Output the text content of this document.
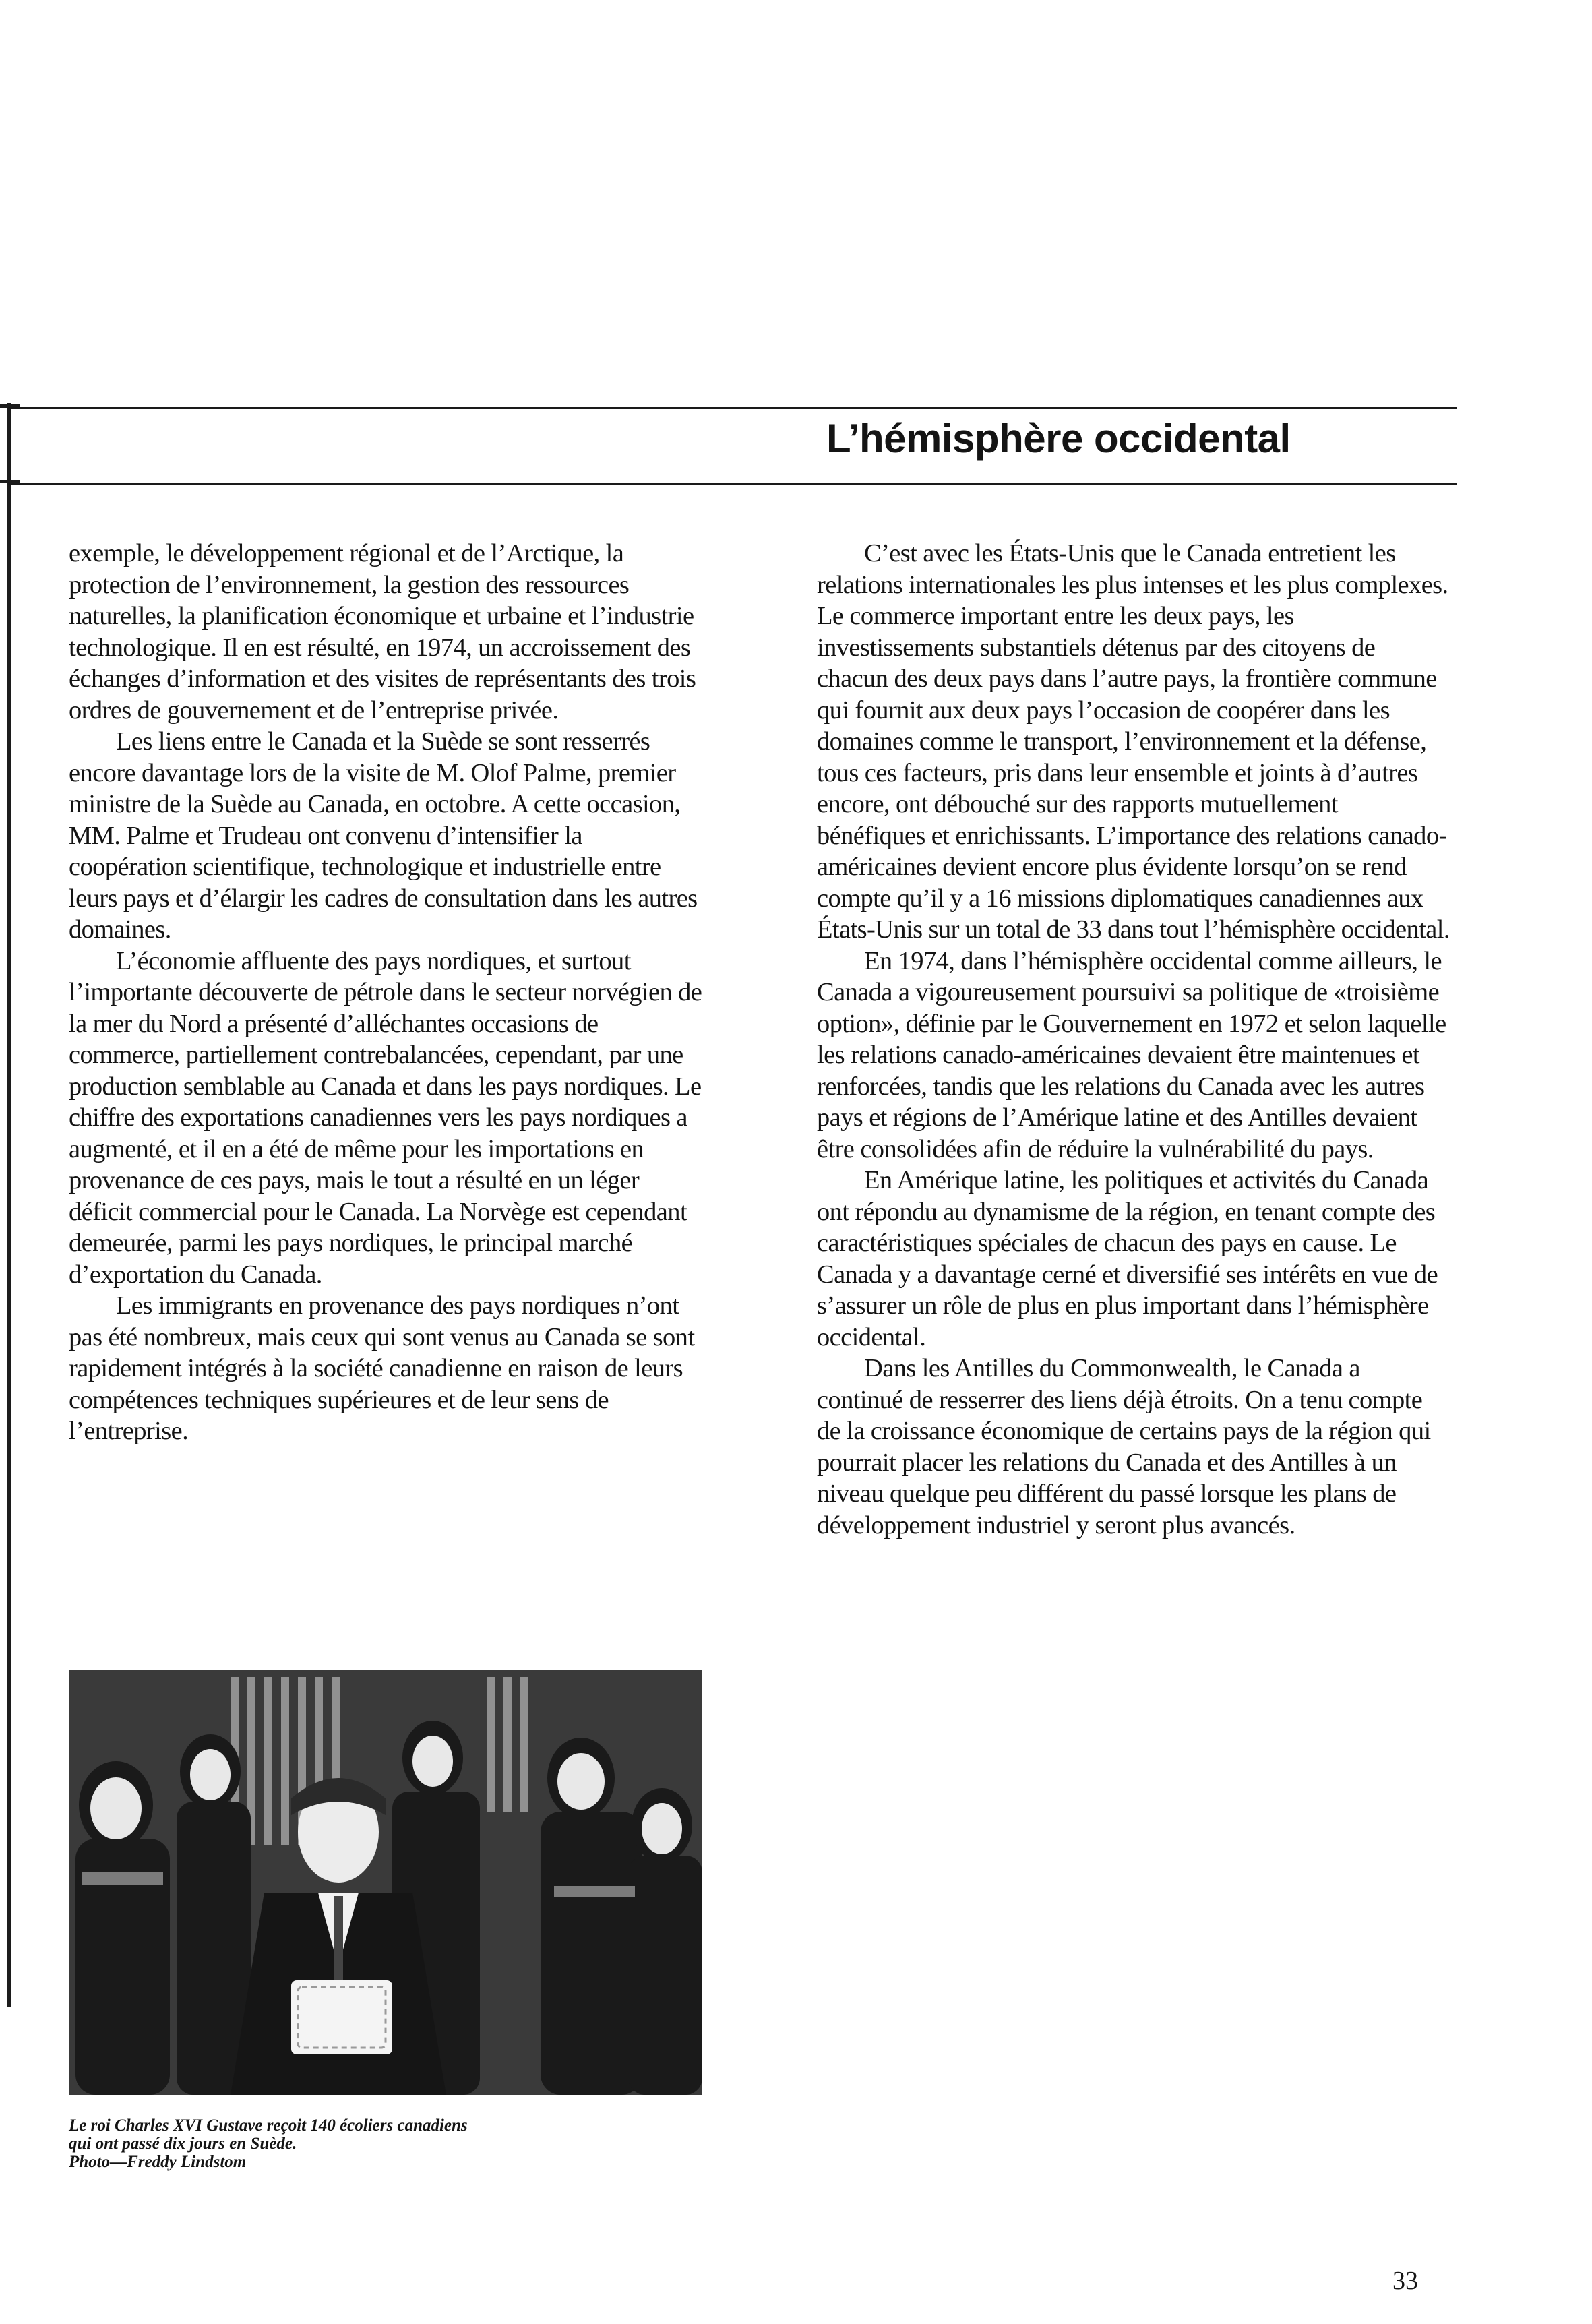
L’hémisphère occidental

exemple, le développement régional et de l’Arctique, la protection de l’environnement, la gestion des ressources naturelles, la planification économique et urbaine et l’industrie technologique. Il en est résulté, en 1974, un accroissement des échanges d’information et des visites de représentants des trois ordres de gouvernement et de l’entreprise privée.

Les liens entre le Canada et la Suède se sont resserrés encore davantage lors de la visite de M. Olof Palme, premier ministre de la Suède au Canada, en octobre. A cette occasion, MM. Palme et Trudeau ont convenu d’intensifier la coopération scientifique, technologique et industrielle entre leurs pays et d’élargir les cadres de consultation dans les autres domaines.

L’économie affluente des pays nordiques, et surtout l’importante découverte de pétrole dans le secteur norvégien de la mer du Nord a présenté d’alléchantes occasions de commerce, partiellement contrebalancées, cependant, par une production semblable au Canada et dans les pays nordiques. Le chiffre des exportations canadiennes vers les pays nordiques a augmenté, et il en a été de même pour les importations en provenance de ces pays, mais le tout a résulté en un léger déficit commercial pour le Canada. La Norvège est cependant demeurée, parmi les pays nordiques, le principal marché d’exportation du Canada.

Les immigrants en provenance des pays nordiques n’ont pas été nombreux, mais ceux qui sont venus au Canada se sont rapidement intégrés à la société canadienne en raison de leurs compétences techniques supérieures et de leur sens de l’entreprise.

Le roi Charles XVI Gustave reçoit 140 écoliers canadiens
qui ont passé dix jours en Suède.
Photo—Freddy Lindstom

C’est avec les États-Unis que le Canada entretient les relations internationales les plus intenses et les plus complexes. Le commerce important entre les deux pays, les investissements substantiels détenus par des citoyens de chacun des deux pays dans l’autre pays, la frontière commune qui fournit aux deux pays l’occasion de coopérer dans les domaines comme le transport, l’environnement et la défense, tous ces facteurs, pris dans leur ensemble et joints à d’autres encore, ont débouché sur des rapports mutuellement bénéfiques et enrichissants. L’importance des relations canado-américaines devient encore plus évidente lorsqu’on se rend compte qu’il y a 16 missions diplomatiques canadiennes aux États-Unis sur un total de 33 dans tout l’hémisphère occidental.

En 1974, dans l’hémisphère occidental comme ailleurs, le Canada a vigoureusement poursuivi sa politique de «troisième option», définie par le Gouvernement en 1972 et selon laquelle les relations canado-américaines devaient être maintenues et renforcées, tandis que les relations du Canada avec les autres pays et régions de l’Amérique latine et des Antilles devaient être consolidées afin de réduire la vulnérabilité du pays.

En Amérique latine, les politiques et activités du Canada ont répondu au dynamisme de la région, en tenant compte des caractéristiques spéciales de chacun des pays en cause. Le Canada y a davantage cerné et diversifié ses intérêts en vue de s’assurer un rôle de plus en plus important dans l’hémisphère occidental.

Dans les Antilles du Commonwealth, le Canada a continué de resserrer des liens déjà étroits. On a tenu compte de la croissance économique de certains pays de la région qui pourrait placer les relations du Canada et des Antilles à un niveau quelque peu différent du passé lorsque les plans de développement industriel y seront plus avancés.

33
